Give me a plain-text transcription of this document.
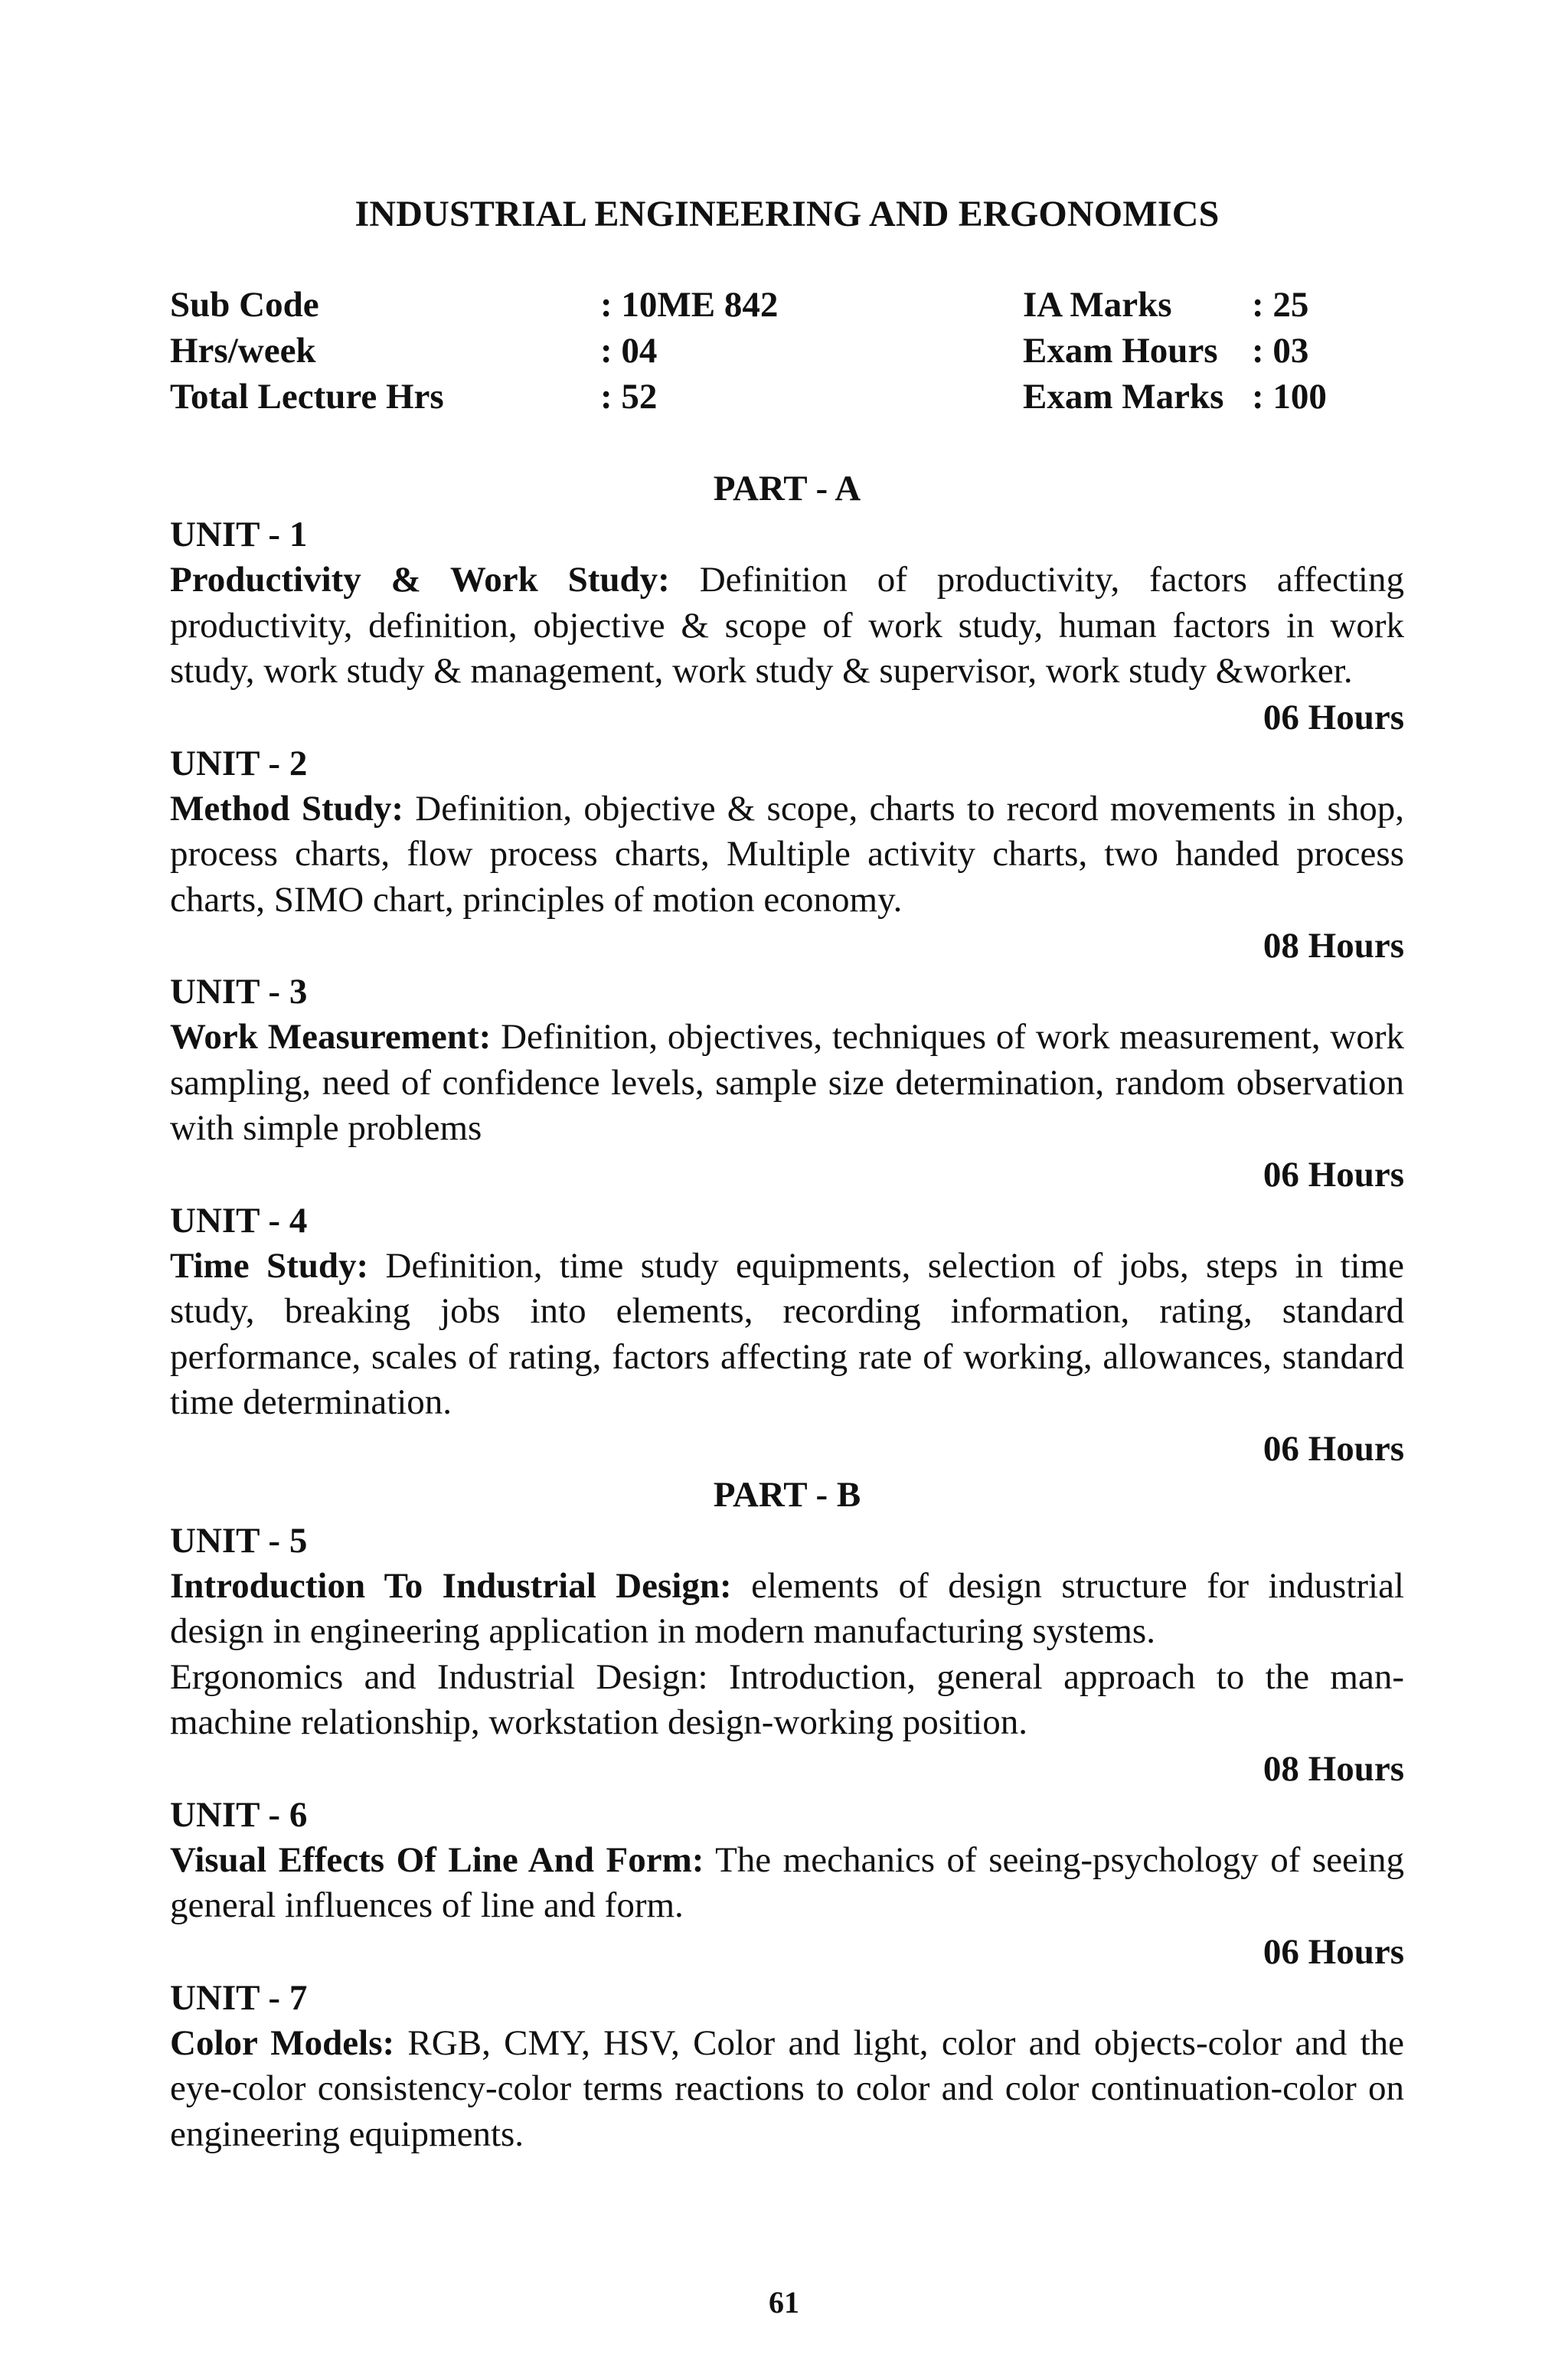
INDUSTRIAL ENGINEERING AND ERGONOMICS
Sub Code	: 10ME 842	IA Marks : 25
Hrs/week	: 04	Exam Hours : 03
Total Lecture Hrs	: 52	Exam Marks : 100
PART - A
UNIT - 1

Productivity & Work Study: Definition of productivity, factors affecting productivity, definition, objective & scope of work study, human factors in work study, work study & management, work study & supervisor, work study &worker.

06 Hours
UNIT - 2

Method Study: Definition, objective & scope, charts to record movements in shop, process charts, flow process charts, Multiple activity charts, two handed process charts, SIMO chart, principles of motion economy.

08 Hours
UNIT - 3

Work Measurement: Definition, objectives, techniques of work measurement, work sampling, need of confidence levels, sample size determination, random observation with simple problems

06 Hours
UNIT - 4

Time Study: Definition, time study equipments, selection of jobs, steps in time study, breaking jobs into elements, recording information, rating, standard performance, scales of rating, factors affecting rate of working, allowances, standard time determination.

06 Hours
PART - B
UNIT - 5

Introduction To Industrial Design: elements of design structure for industrial design in engineering application in modern manufacturing systems.

Ergonomics and Industrial Design: Introduction, general approach to the man-machine relationship, workstation design-working position.

08 Hours
UNIT - 6

Visual Effects Of Line And Form: The mechanics of seeing-psychology of seeing general influences of line and form.

06 Hours
UNIT - 7

Color Models: RGB, CMY, HSV, Color and light, color and objects-color and the eye-color consistency-color terms reactions to color and color continuation-color on engineering equipments.

61
